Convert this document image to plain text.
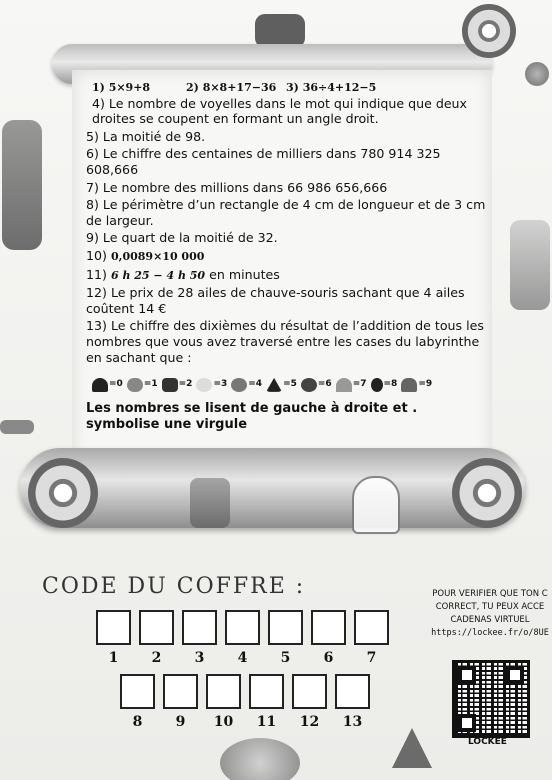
1) 5×9+8	2) 8×8+17−36 3) 36÷4+12−5

4) Le nombre de voyelles dans le mot qui indique que deux droites se coupent en formant un angle droit.

5) La moitié de 98.

6) Le chiffre des centaines de milliers dans 780 914 325 608,666

7) Le nombre des millions dans 66 986 656,666

8) Le périmètre d’un rectangle de 4 cm de longueur et de 3 cm de largeur.

9) Le quart de la moitié de 32.

10) 0,0089×10 000

11) 6 h 25 − 4 h 50 en minutes

12) Le prix de 28 ailes de chauve-souris sachant que 4 ailes coûtent 14 €

13) Le chiffre des dixièmes du résultat de l’addition de tous les nombres que vous avez traversé entre les cases du labyrinthe en sachant que :

=0 =1 =2 =3 =4 =5 =6 =7 =8 =9

Les nombres se lisent de gauche à droite et . symbolise une virgule

CODE DU COFFRE :
1	2	3	4	5	6	7
8	9	10	11	12	13
POUR VERIFIER QUE TON C
CORRECT, TU PEUX ACCE
CADENAS VIRTUEL
https://lockee.fr/o/8UE
LOCKEE
